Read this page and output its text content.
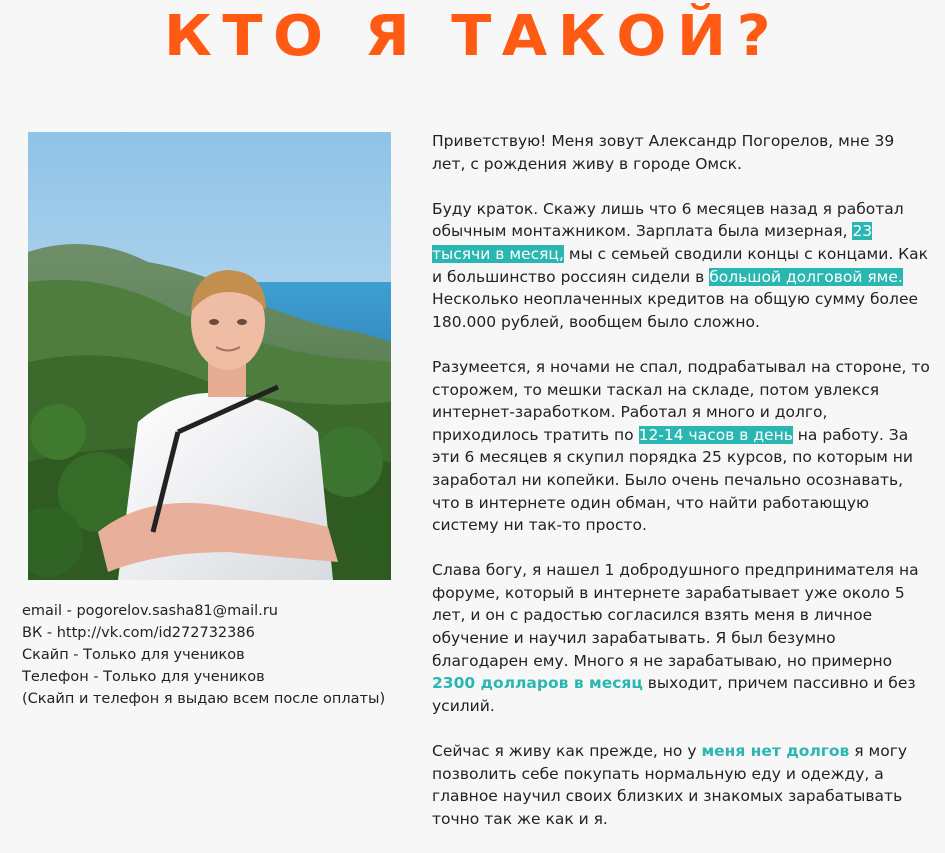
КТО Я ТАКОЙ?
email - pogorelov.sasha81@mail.ru
ВК - http://vk.com/id272732386
Скайп - Только для учеников
Телефон - Только для учеников
(Скайп и телефон я выдаю всем после оплаты)

Приветствую! Меня зовут Александр Погорелов, мне 39 лет, с рождения живу в городе Омск.

Буду краток. Скажу лишь что 6 месяцев назад я работал обычным монтажником. Зарплата была мизерная, 23 тысячи в месяц, мы с семьей сводили концы с концами. Как и большинство россиян сидели в большой долговой яме. Несколько неоплаченных кредитов на общую сумму более 180.000 рублей, вообщем было сложно.

Разумеется, я ночами не спал, подрабатывал на стороне, то сторожем, то мешки таскал на складе, потом увлекся интернет-заработком. Работал я много и долго, приходилось тратить по 12-14 часов в день на работу. За эти 6 месяцев я скупил порядка 25 курсов, по которым ни заработал ни копейки. Было очень печально осознавать, что в интернете один обман, что найти работающую систему ни так-то просто.

Слава богу, я нашел 1 добродушного предпринимателя на форуме, который в интернете зарабатывает уже около 5 лет, и он с радостью согласился взять меня в личное обучение и научил зарабатывать. Я был безумно благодарен ему. Много я не зарабатываю, но примерно 2300 долларов в месяц выходит, причем пассивно и без усилий.

Сейчас я живу как прежде, но у меня нет долгов я могу позволить себе покупать нормальную еду и одежду, а главное научил своих близких и знакомых зарабатывать точно так же как и я.
